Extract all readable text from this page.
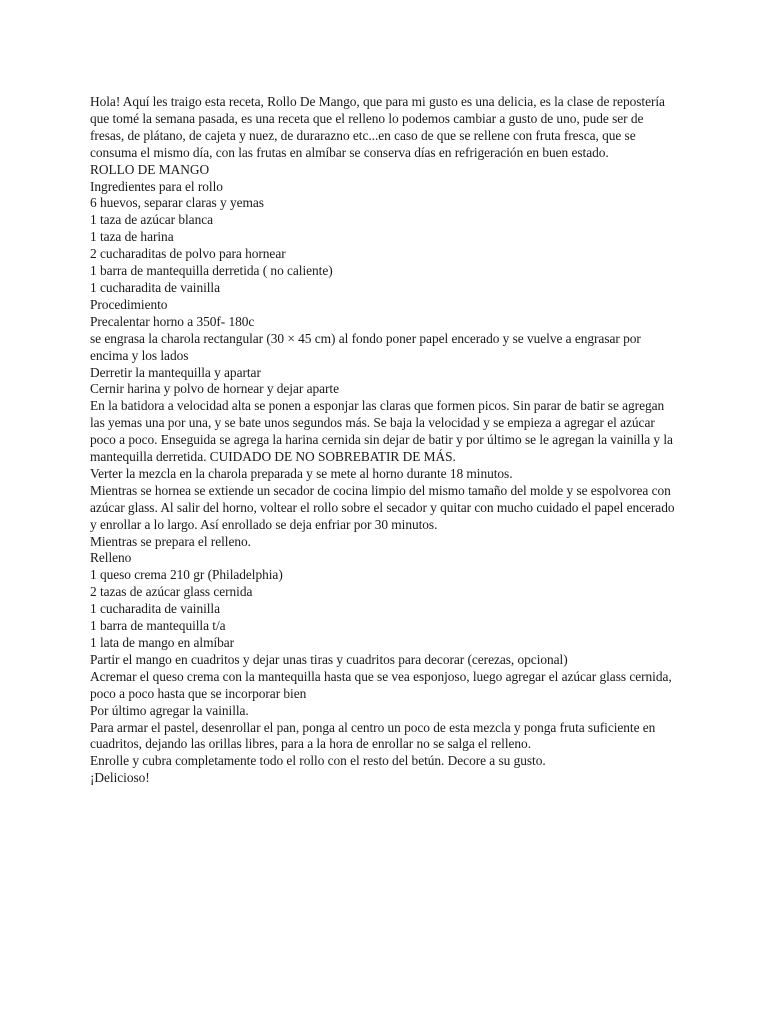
Hola! Aquí les traigo esta receta, Rollo De Mango, que para mi gusto es una delicia, es la clase de repostería que tomé la semana pasada, es una receta que el relleno lo podemos cambiar a gusto de uno, pude ser de fresas, de plátano, de cajeta y nuez, de durarazno etc...en caso de que se rellene con fruta fresca, que se consuma el mismo día, con las frutas en almíbar se conserva días en refrigeración en buen estado.

ROLLO DE MANGO

Ingredientes para el rollo

6 huevos, separar claras y yemas

1 taza de azúcar blanca

1 taza de harina

2 cucharaditas de polvo para hornear

1 barra de mantequilla derretida ( no caliente)

1 cucharadita de vainilla

Procedimiento

Precalentar horno a 350f- 180c

se engrasa la charola rectangular (30 × 45 cm) al fondo poner papel encerado y se vuelve a engrasar por encima y los lados

Derretir la mantequilla y apartar

Cernir harina y polvo de hornear y dejar aparte

En la batidora a velocidad alta se ponen a esponjar las claras que formen picos. Sin parar de batir se agregan las yemas una por una, y se bate unos segundos más. Se baja la velocidad y se empieza a agregar el azúcar poco a poco. Enseguida se agrega la harina cernida sin dejar de batir y por último se le agregan la vainilla y la mantequilla derretida. CUIDADO DE NO SOBREBATIR DE MÁS.

Verter la mezcla en la charola preparada y se mete al horno durante 18 minutos.

Mientras se hornea se extiende un secador de cocina limpio del mismo tamaño del molde y se espolvorea con azúcar glass. Al salir del horno, voltear el rollo sobre el secador y quitar con mucho cuidado el papel encerado y enrollar a lo largo. Así enrollado se deja enfriar por 30 minutos.

Mientras se prepara el relleno.

Relleno

1 queso crema 210 gr (Philadelphia)

2 tazas de azúcar glass cernida

1 cucharadita de vainilla

1 barra de mantequilla t/a

1 lata de mango en almíbar

Partir el mango en cuadritos y dejar unas tiras y cuadritos para decorar (cerezas, opcional)

Acremar el queso crema con la mantequilla hasta que se vea esponjoso, luego agregar el azúcar glass cernida, poco a poco hasta que se incorporar bien

Por último agregar la vainilla.

Para armar el pastel, desenrollar el pan, ponga al centro un poco de esta mezcla y ponga fruta suficiente en cuadritos, dejando las orillas libres, para a la hora de enrollar no se salga el relleno.

Enrolle y cubra completamente todo el rollo con el resto del betún. Decore a su gusto.

¡Delicioso!
